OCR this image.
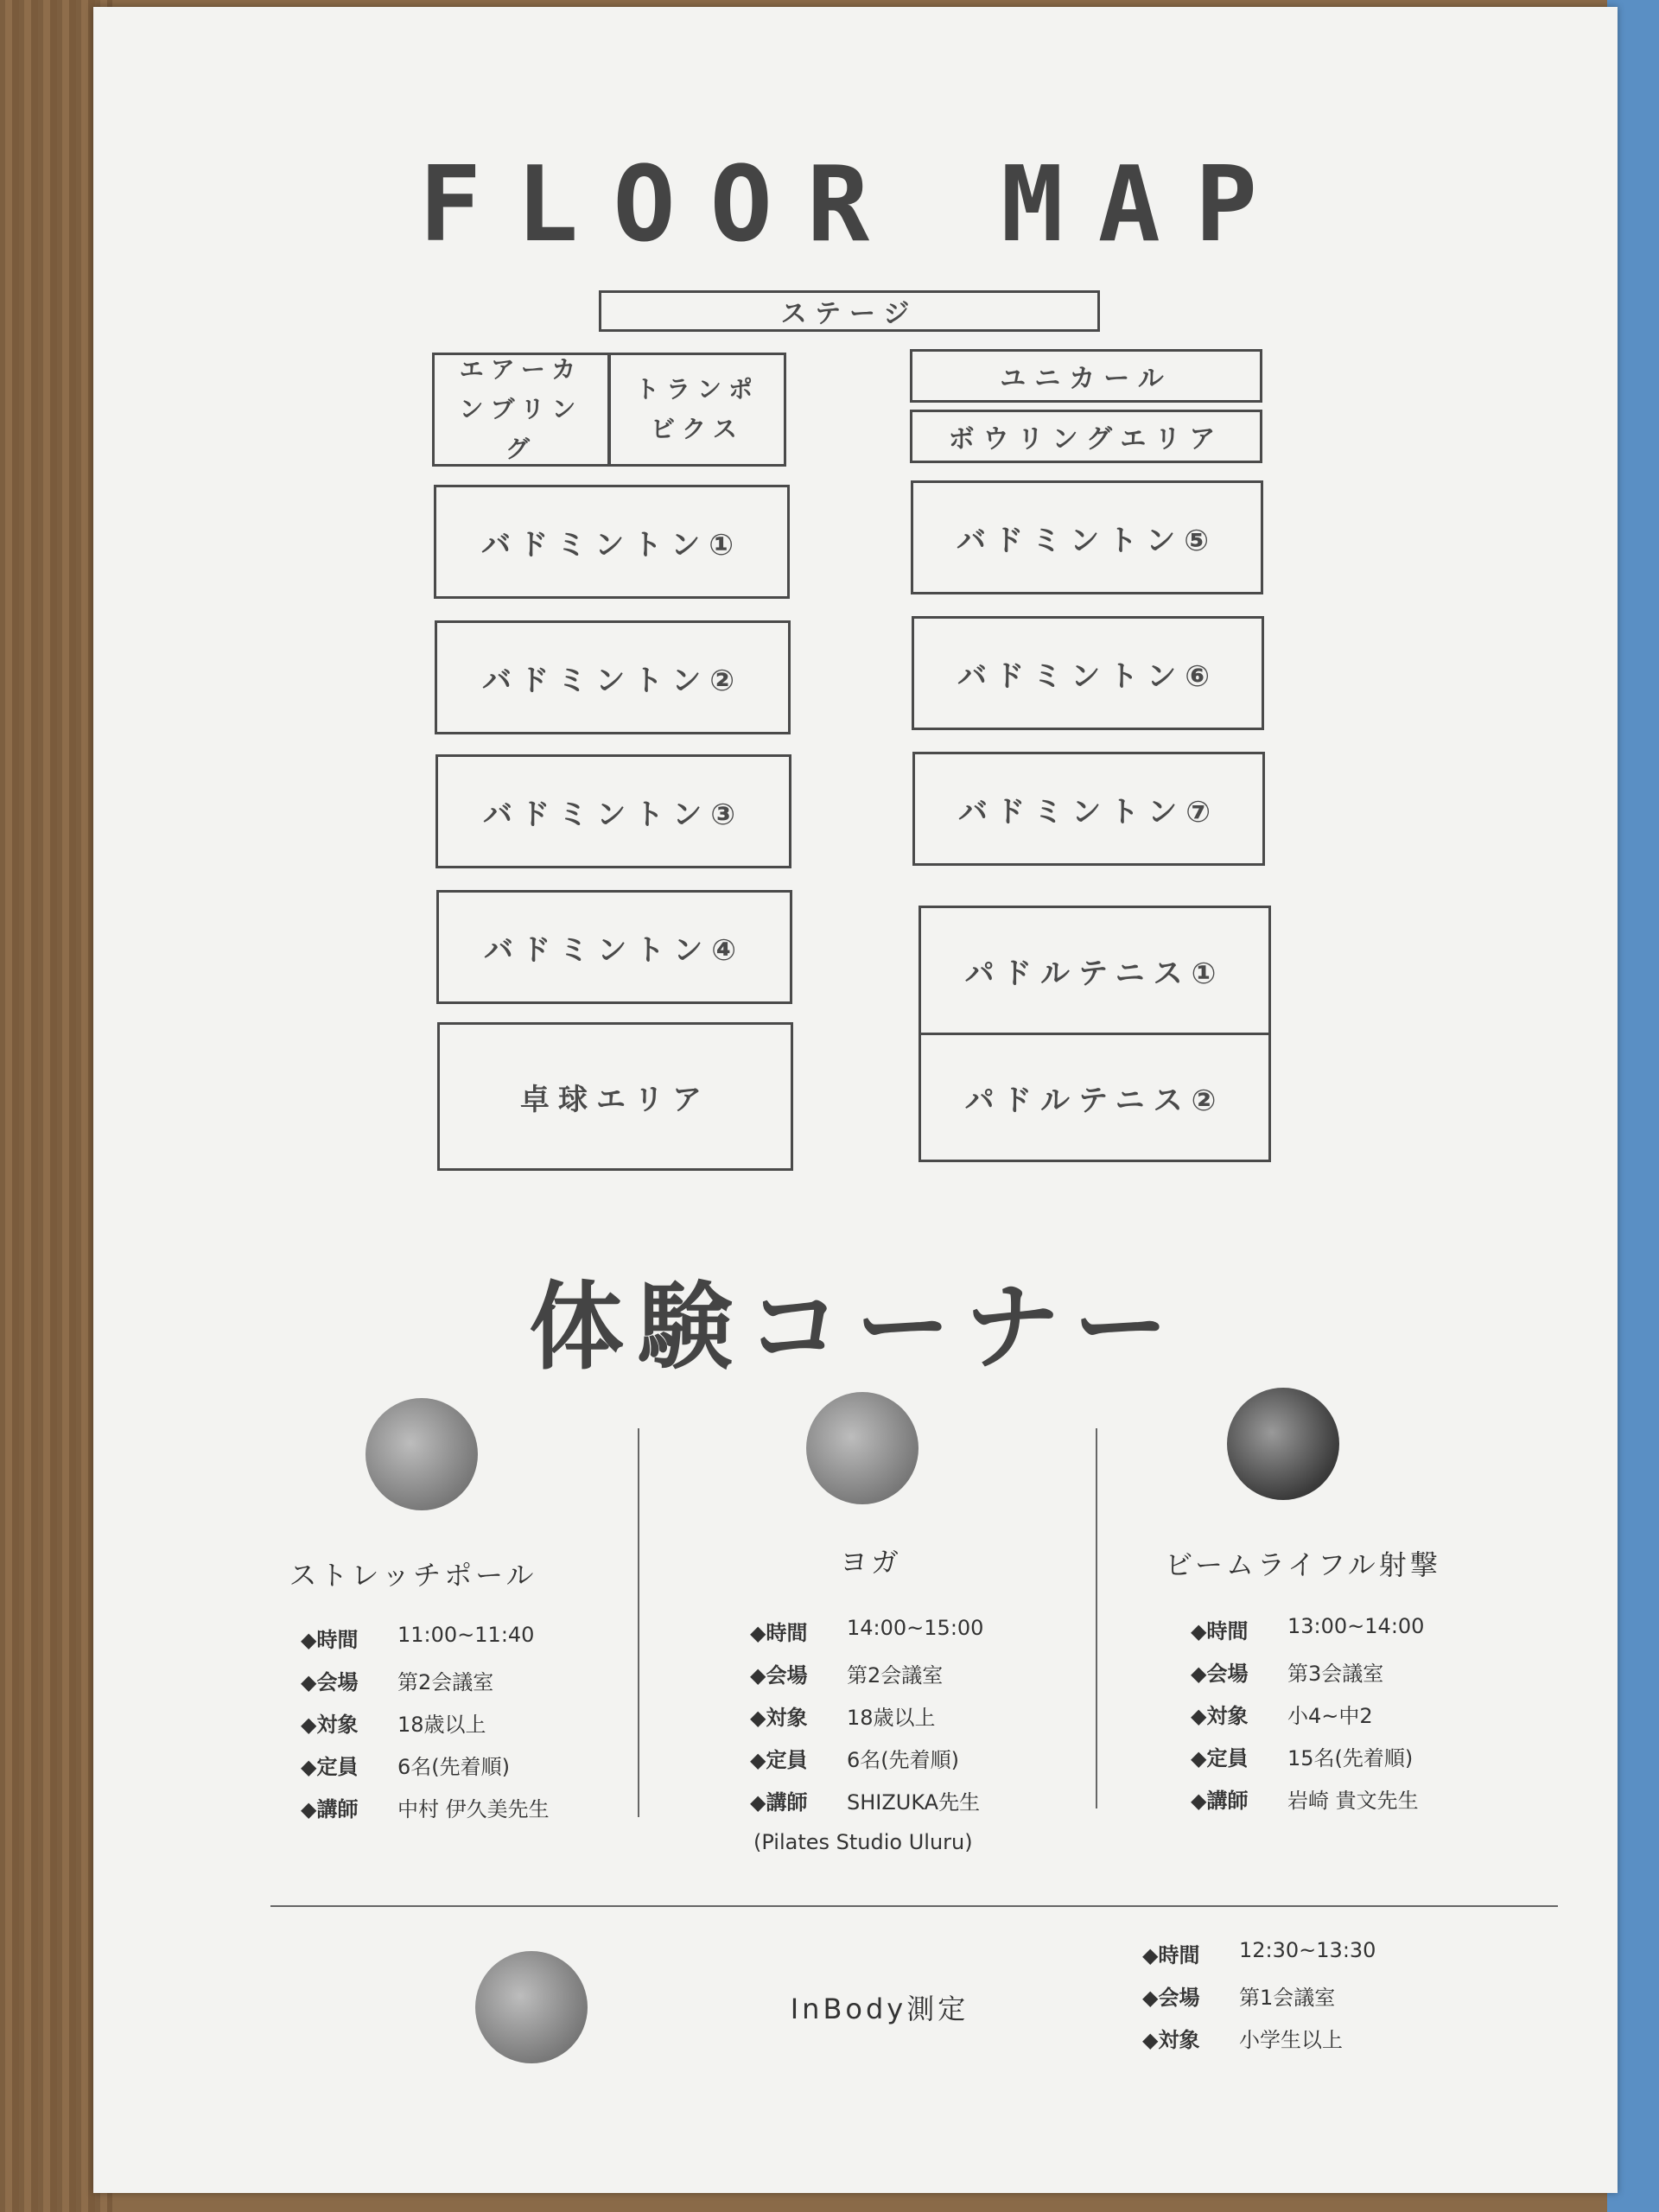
FLOOR MAP
ステージ
エアーカンブリング
トランポビクス
バドミントン①
バドミントン②
バドミントン③
バドミントン④
卓球エリア
ユニカール
ボウリングエリア
バドミントン⑤
バドミントン⑥
バドミントン⑦
パドルテニス①
パドルテニス②
体験コーナー
ストレッチポール
◆ 時間	11:00~11:40
◆ 会場	第2会議室
◆ 対象	18歳以上
◆ 定員	6名(先着順)
◆ 講師	中村 伊久美先生
ヨガ
◆ 時間	14:00~15:00
◆ 会場	第2会議室
◆ 対象	18歳以上
◆ 定員	6名(先着順)
◆ 講師	SHIZUKA先生
(Pilates Studio Uluru)
ビームライフル射撃
◆ 時間	13:00~14:00
◆ 会場	第3会議室
◆ 対象	小4~中2
◆ 定員	15名(先着順)
◆ 講師	岩崎 貴文先生
InBody測定
◆ 時間	12:30~13:30
◆ 会場	第1会議室
◆ 対象	小学生以上
